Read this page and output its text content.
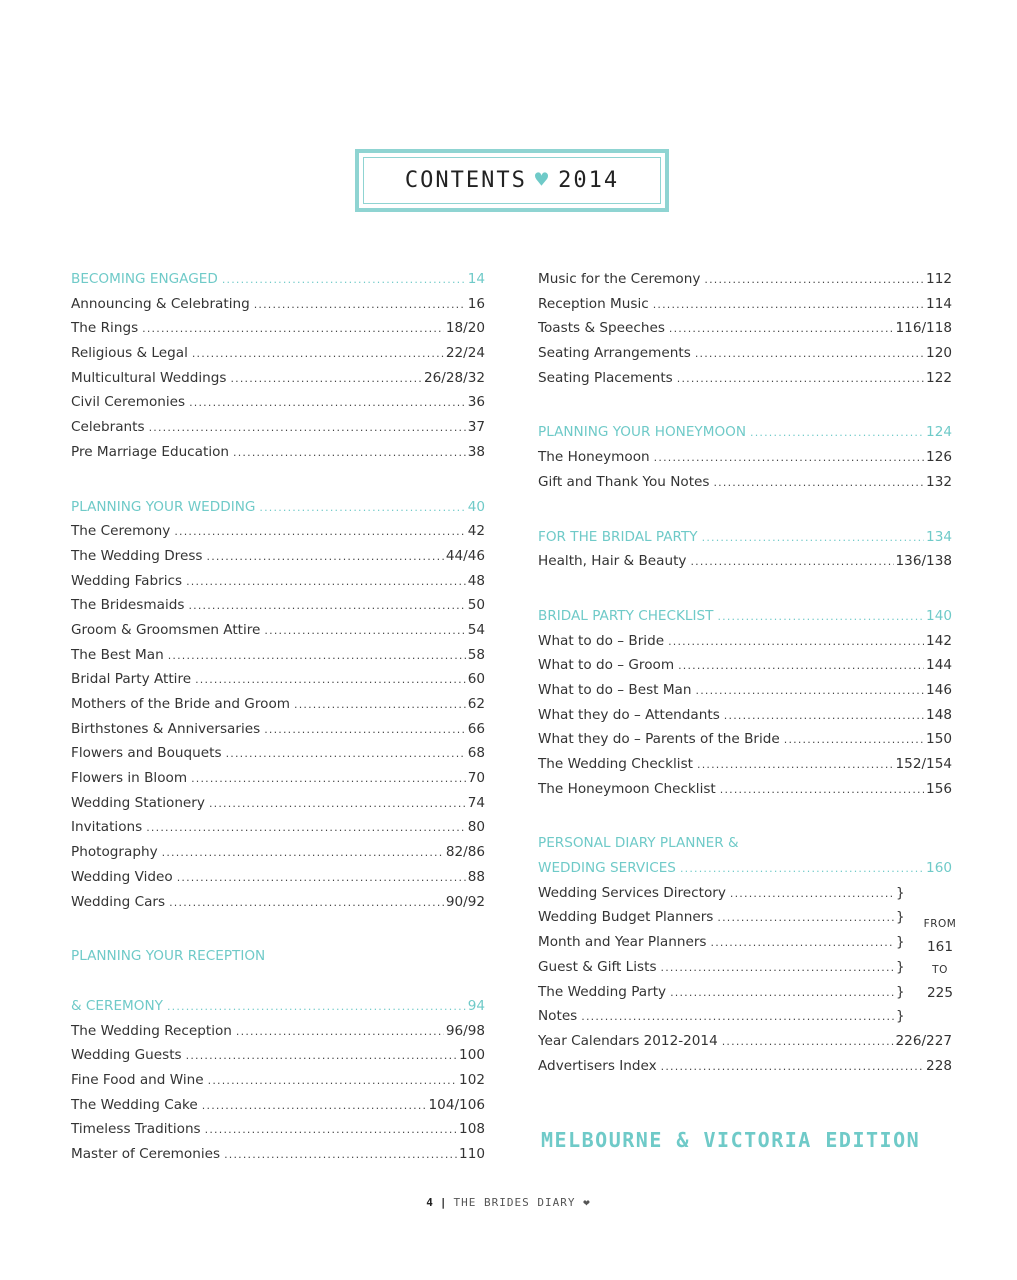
CONTENTS ♥ 2014
BECOMING ENGAGED .....	14
Announcing & Celebrating .....	16
The Rings .....	18/20
Religious & Legal .....	22/24
Multicultural Weddings .....	26/28/32
Civil Ceremonies .....	36
Celebrants .....	37
Pre Marriage Education .....	38
PLANNING YOUR WEDDING .....	40
The Ceremony .....	42
The Wedding Dress .....	44/46
Wedding Fabrics .....	48
The Bridesmaids .....	50
Groom & Groomsmen Attire .....	54
The Best Man .....	58
Bridal Party Attire .....	60
Mothers of the Bride and Groom .....	62
Birthstones & Anniversaries .....	66
Flowers and Bouquets .....	68
Flowers in Bloom .....	70
Wedding Stationery .....	74
Invitations .....	80
Photography .....	82/86
Wedding Video .....	88
Wedding Cars .....	90/92
PLANNING YOUR RECEPTION
& CEREMONY .....	94
The Wedding Reception .....	96/98
Wedding Guests .....	100
Fine Food and Wine .....	102
The Wedding Cake .....	104/106
Timeless Traditions .....	108
Master of Ceremonies .....	110
Music for the Ceremony .....	112
Reception Music .....	114
Toasts & Speeches .....	116/118
Seating Arrangements .....	120
Seating Placements .....	122
PLANNING YOUR HONEYMOON .....	124
The Honeymoon .....	126
Gift and Thank You Notes .....	132
FOR THE BRIDAL PARTY .....	134
Health, Hair & Beauty .....	136/138
BRIDAL PARTY CHECKLIST .....	140
What to do – Bride .....	142
What to do – Groom .....	144
What to do – Best Man .....	146
What they do – Attendants .....	148
What they do – Parents of the Bride .....	150
The Wedding Checklist .....	152/154
The Honeymoon Checklist .....	156
PERSONAL DIARY PLANNER &
WEDDING SERVICES .....	160
Wedding Services Directory .....	}
Wedding Budget Planners .....	}
Month and Year Planners .....	}
Guest & Gift Lists .....	}
The Wedding Party .....	}
Notes .....	}
Year Calendars 2012-2014 .....	226/227
Advertisers Index .....	228
FROM
161
TO
225
MELBOURNE & VICTORIA EDITION
4 | THE BRIDES DIARY ❤
